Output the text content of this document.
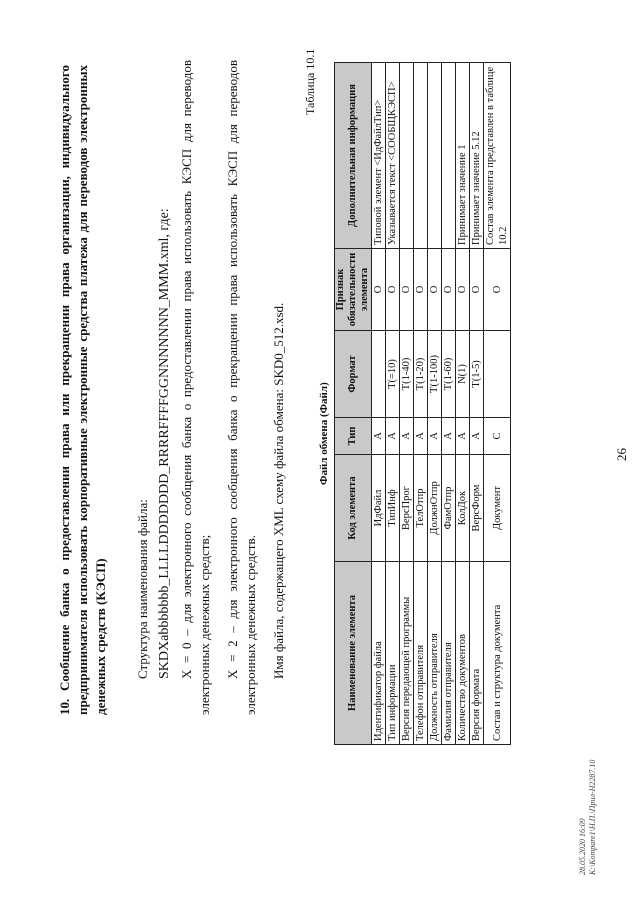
26
10. Сообщение банка о предоставлении права или прекращении права организации, индивидуального предпринимателя использовать корпоративные электронные средства платежа для переводов электронных денежных средств (КЭСП) Структура наименования файла: SKDXabbbbbbb_LLLLDDDDDDD_RRRRFFFFGGNNNNNNN_MMM.xml, где: X = 0 – для электронного сообщения банка о предоставлении права использовать КЭСП для переводов электронных денежных средств; X = 2 – для электронного сообщения банка о прекращении права использовать КЭСП для переводов электронных денежных средств. Имя файла, содержащего XML схему файла обмена: SKD0_512.xsd.
Таблица 10.1
Файл обмена (Файл)
Наименование элемента	Код элемента	Тип	Формат	Признак обязательности элемента	Дополнительная информация
Идентификатор файла	ИдФайл	A		О	Типовой элемент <ИдФайлТип>
Тип информации	ТипИнф	A	T(=10)	О	Указывается текст <СООБЩКЭСП>
Версия передающей программы	ВерсПрог	A	T(1-40)	О	
Телефон отправителя	ТелОтпр	A	T(1-20)	О	
Должность отправителя	ДолжнОтпр	A	T(1-100)	О	
Фамилия отправителя	ФамОтпр	A	T(1-60)	О	
Количество документов	КолДок	A	N(1)	О	Принимает значение 1
Версия формата	ВерсФорм	A	T(1-5)	О	Принимает значение 5.12
Состав и структура документа	Документ	С		О	Состав элемента представлен в таблице 10.2
28.05.2020 16:09 К:\Kompare1\Н.П.\Прил-H2287.10
